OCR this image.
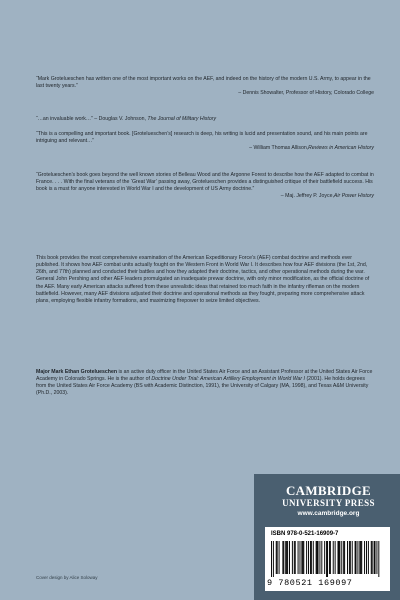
“Mark Grotelueschen has written one of the most important works on the AEF, and indeed on the history of the modern U.S. Army, to appear in the last twenty years.”

– Dennis Showalter, Professor of History, Colorado College

“…an invaluable work…” – Douglas V. Johnson, The Journal of Military History

“This is a compelling and important book. [Grotelueschen’s] research is deep, his writing is lucid and presentation sound, and his main points are intriguing and relevant…”

– William Thomas Allison,Reviews in American History

“Grotelueschen’s book goes beyond the well known stories of Belleau Wood and the Argonne Forest to describe how the AEF adapted to combat in France. . . . With the final veterans of the ‘Great War’ passing away, Grotelueschen provides a distinguished critique of their battlefield success. His book is a must for anyone interested in World War I and the development of US Army doctrine.”

– Maj. Jeffrey P. Joyce,Air Power History

This book provides the most comprehensive examination of the American Expeditionary Force’s (AEF) combat doctrine and methods ever published. It shows how AEF combat units actually fought on the Western Front in World War I. It describes how four AEF divisions (the 1st, 2nd, 26th, and 77th) planned and conducted their battles and how they adapted their doctrine, tactics, and other operational methods during the war. General John Pershing and other AEF leaders promulgated an inadequate prewar doctrine, with only minor modification, as the official doctrine of the AEF. Many early American attacks suffered from these unrealistic ideas that retained too much faith in the infantry rifleman on the modern battlefield. However, many AEF divisions adjusted their doctrine and operational methods as they fought, preparing more comprehensive attack plans, employing flexible infantry formations, and maximizing firepower to seize limited objectives.

Major Mark Ethan Grotelueschen is an active duty officer in the United States Air Force and an Assistant Professor at the United States Air Force Academy in Colorado Springs. He is the author of Doctrine Under Trial: American Artillery Employment in World War I (2001). He holds degrees from the United States Air Force Academy (BS with Academic Distinction, 1991), the University of Calgary (MA, 1998), and Texas A&M University (Ph.D., 2003).

Cover design by Alice Soloway
CAMBRIDGE
UNIVERSITY PRESS
www.cambridge.org
ISBN 978-0-521-16909-7
9 780521 169097
